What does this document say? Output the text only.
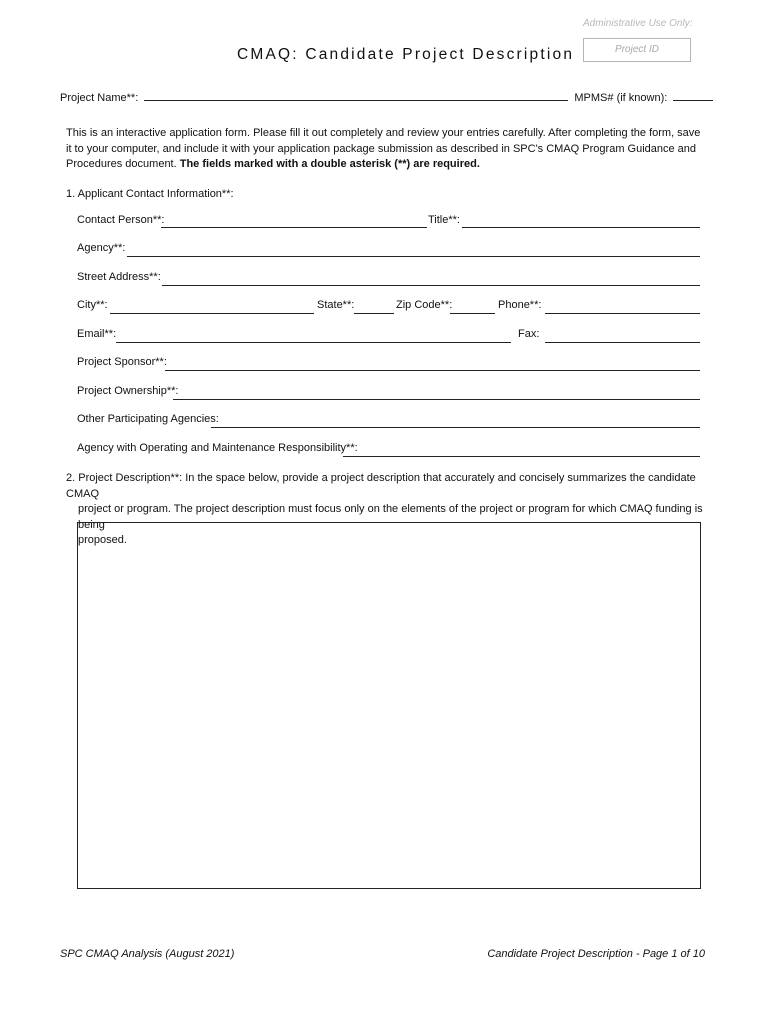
Administrative Use Only:
Project ID
CMAQ: Candidate Project Description
Project Name**:	MPMS# (if known):
This is an interactive application form. Please fill it out completely and review your entries carefully. After completing the form, save it to your computer, and include it with your application package submission as described in SPC's CMAQ Program Guidance and Procedures document. The fields marked with a double asterisk (**) are required.
1. Applicant Contact Information**:
Contact Person**:	Title**:
Agency**:
Street Address**:
City**:	State**:	Zip Code**:	Phone**:
Email**:	Fax:
Project Sponsor**:
Project Ownership**:
Other Participating Agencies:
Agency with Operating and Maintenance Responsibility**:
2. Project Description**: In the space below, provide a project description that accurately and concisely summarizes the candidate CMAQ
project or program. The project description must focus only on the elements of the project or program for which CMAQ funding is being
proposed.
SPC CMAQ Analysis (August 2021)	Candidate Project Description - Page 1 of 10
